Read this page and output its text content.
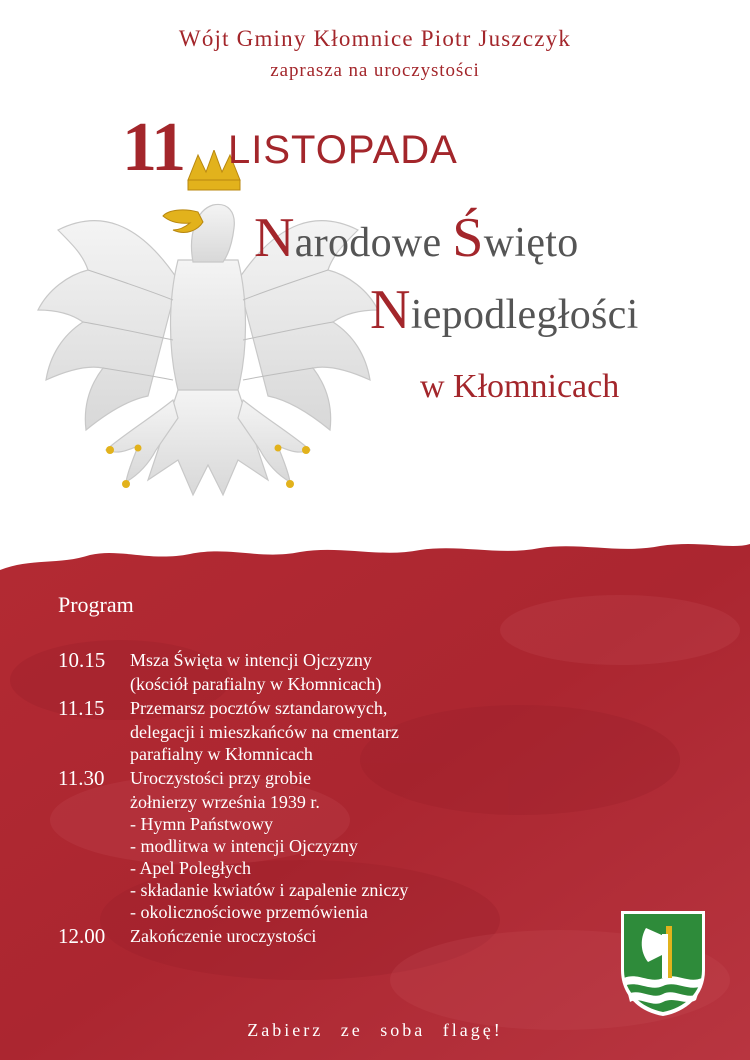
Wójt Gminy Kłomnice Piotr Juszczyk
zaprasza na uroczystości
11 LISTOPADA
Narodowe Święto
Niepodległości
w Kłomnicach
Program
10.15	Msza Święta w intencji Ojczyzny
(kościół parafialny w Kłomnicach)
11.15	Przemarsz pocztów sztandarowych,
delegacji i mieszkańców na cmentarz
parafialny w Kłomnicach
11.30	Uroczystości przy grobie
żołnierzy września 1939 r.
- Hymn Państwowy
- modlitwa w intencji Ojczyzny
- Apel Poległych
- składanie kwiatów i zapalenie zniczy
- okolicznościowe przemówienia
12.00	Zakończenie uroczystości
Zabierz ze soba flagę!
